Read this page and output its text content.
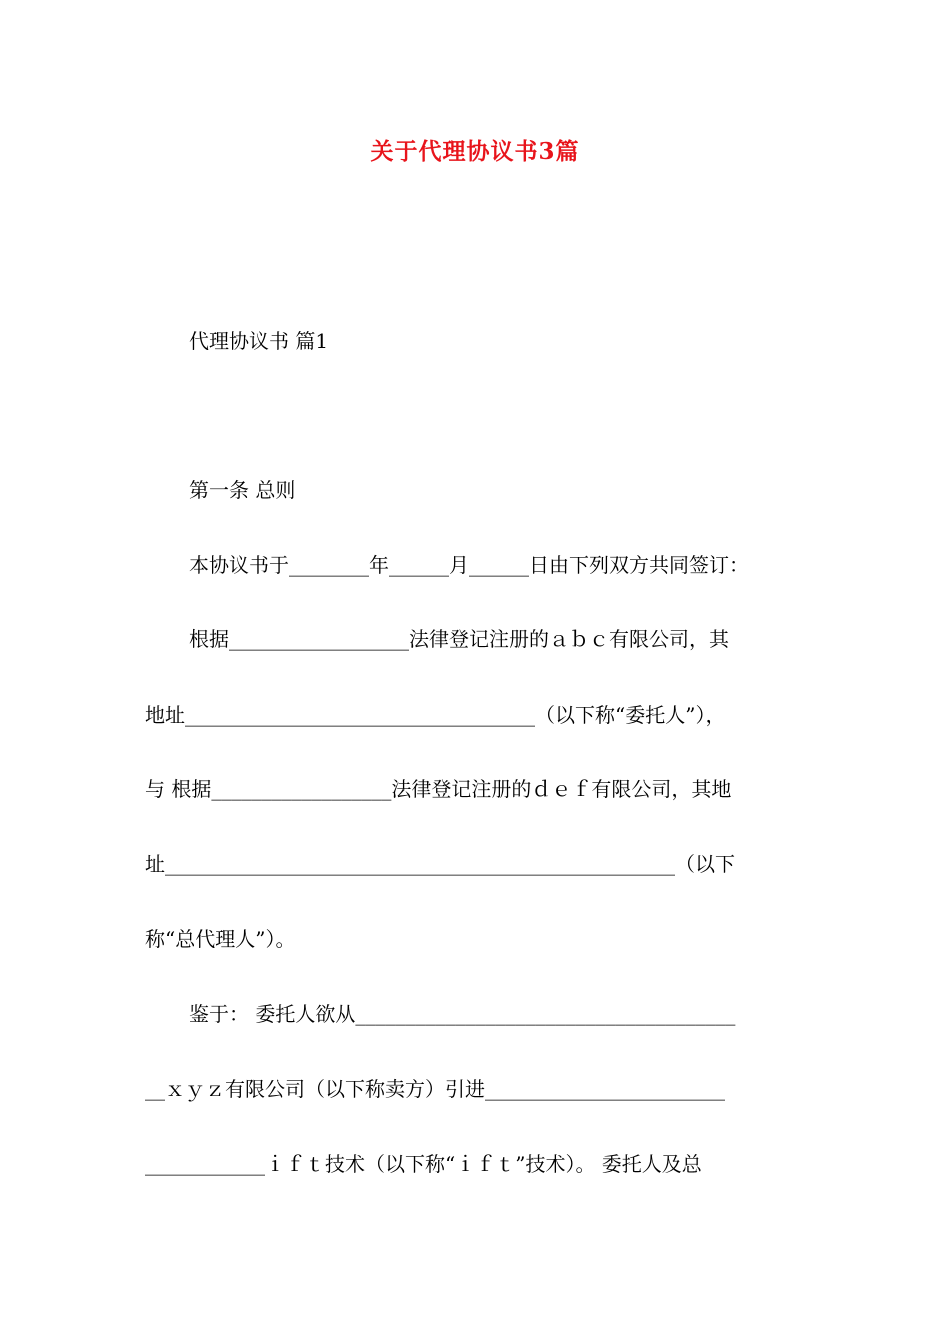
关于代理协议书3篇
代理协议书 篇1
第一条 总则
本协议书于________年______月______日由下列双方共同签订：
根据__________________法律登记注册的ａｂｃ有限公司，其
地址___________________________________（以下称“委托人”），
与 根据__________________法律登记注册的ｄｅｆ有限公司，其地
址___________________________________________________（以下
称“总代理人”）。
鉴于： 委托人欲从______________________________________
__ｘｙｚ有限公司（以下称卖方）引进________________________
____________ｉｆｔ技术（以下称“ｉｆｔ”技术）。 委托人及总
